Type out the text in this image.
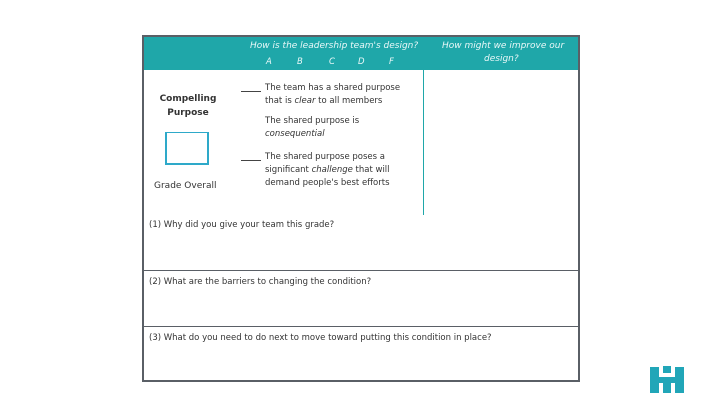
How is the leadership team's design?	How might we improve our
design?
A	B	C	D	F
Compelling
Purpose
Grade Overall
The team has a shared purpose
that is clear to all members
The shared purpose is
consequential
The shared purpose poses a
significant challenge that will
demand people's best efforts
(1) Why did you give your team this grade?
(2) What are the barriers to changing the condition?
(3) What do you need to do next to move toward putting this condition in place?
